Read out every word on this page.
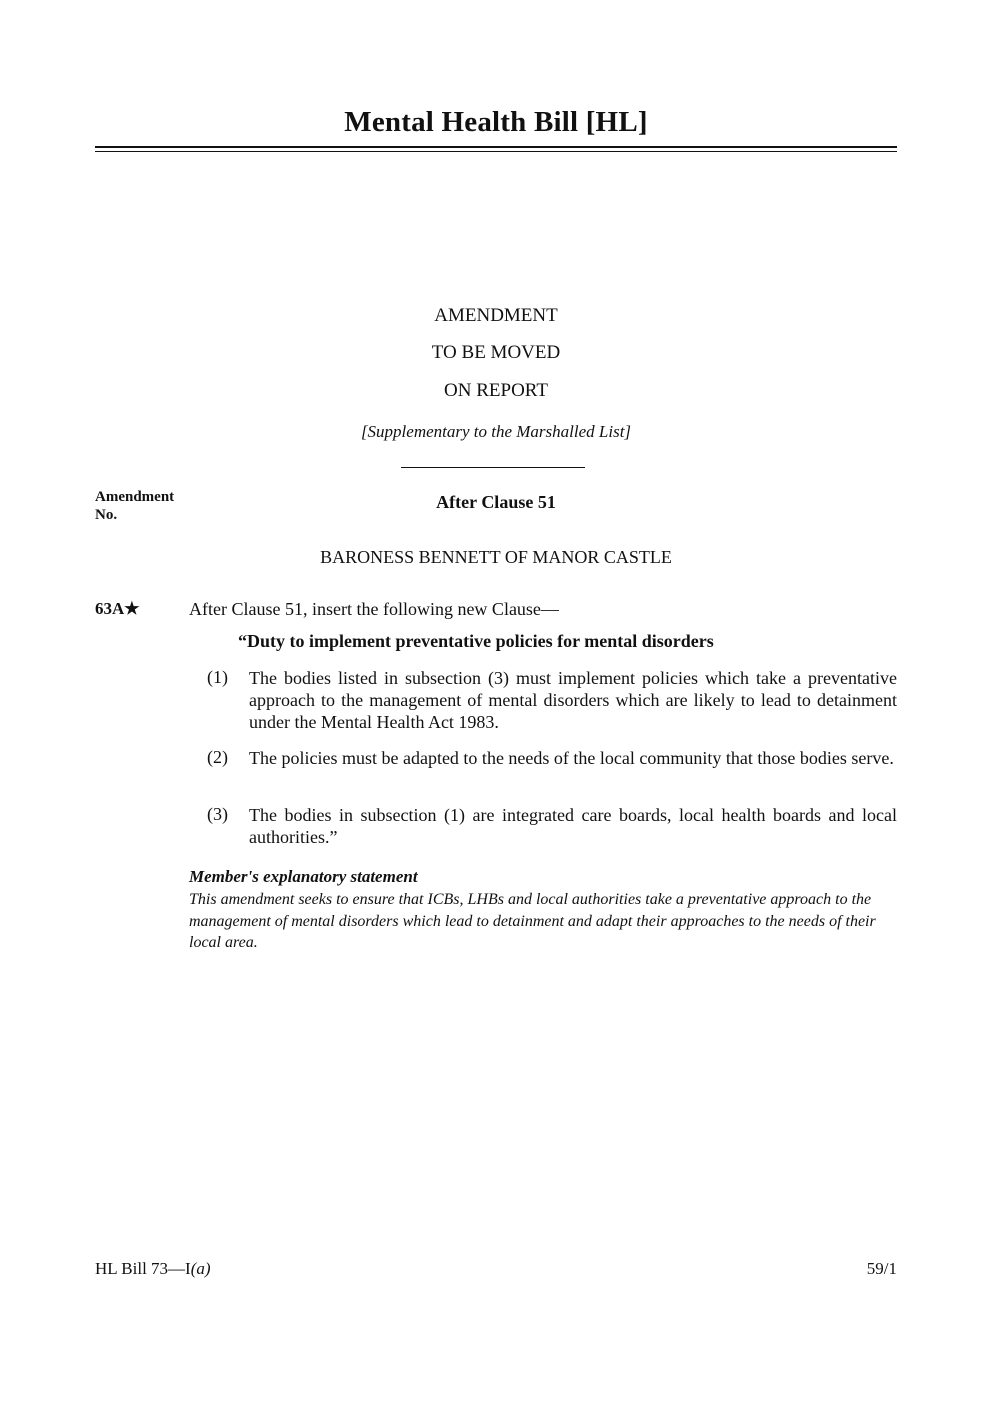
Mental Health Bill [HL]
AMENDMENT
TO BE MOVED
ON REPORT
[Supplementary to the Marshalled List]
Amendment
No.
After Clause 51
BARONESS BENNETT OF MANOR CASTLE
63A★	After Clause 51, insert the following new Clause—
“Duty to implement preventative policies for mental disorders
(1) The bodies listed in subsection (3) must implement policies which take a preventative approach to the management of mental disorders which are likely to lead to detainment under the Mental Health Act 1983.
(2) The policies must be adapted to the needs of the local community that those bodies serve.
(3) The bodies in subsection (1) are integrated care boards, local health boards and local authorities.”
Member's explanatory statement
This amendment seeks to ensure that ICBs, LHBs and local authorities take a preventative approach to the management of mental disorders which lead to detainment and adapt their approaches to the needs of their local area.
HL Bill 73—I(a)	59/1
